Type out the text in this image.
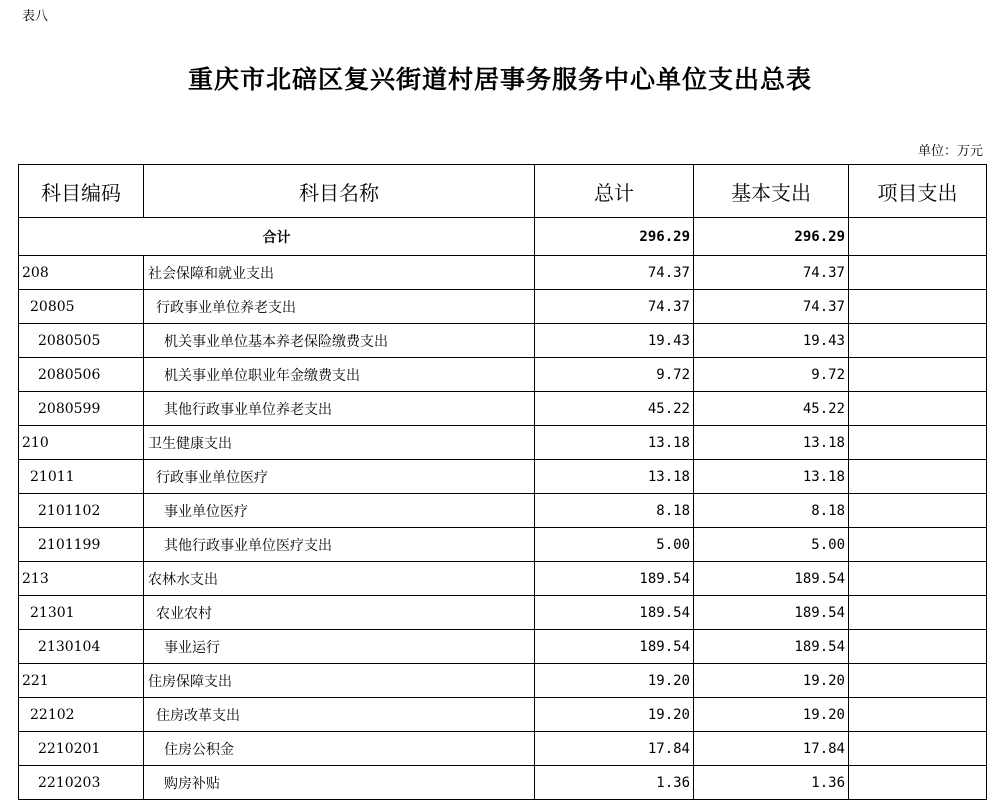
表八
重庆市北碚区复兴街道村居事务服务中心单位支出总表
单位：万元
科目编码	科目名称	总计	基本支出	项目支出
合计		296.29	296.29	
208	社会保障和就业支出	74.37	74.37	
20805	行政事业单位养老支出	74.37	74.37	
2080505	机关事业单位基本养老保险缴费支出	19.43	19.43	
2080506	机关事业单位职业年金缴费支出	9.72	9.72	
2080599	其他行政事业单位养老支出	45.22	45.22	
210	卫生健康支出	13.18	13.18	
21011	行政事业单位医疗	13.18	13.18	
2101102	事业单位医疗	8.18	8.18	
2101199	其他行政事业单位医疗支出	5.00	5.00	
213	农林水支出	189.54	189.54	
21301	农业农村	189.54	189.54	
2130104	事业运行	189.54	189.54	
221	住房保障支出	19.20	19.20	
22102	住房改革支出	19.20	19.20	
2210201	住房公积金	17.84	17.84	
2210203	购房补贴	1.36	1.36	
